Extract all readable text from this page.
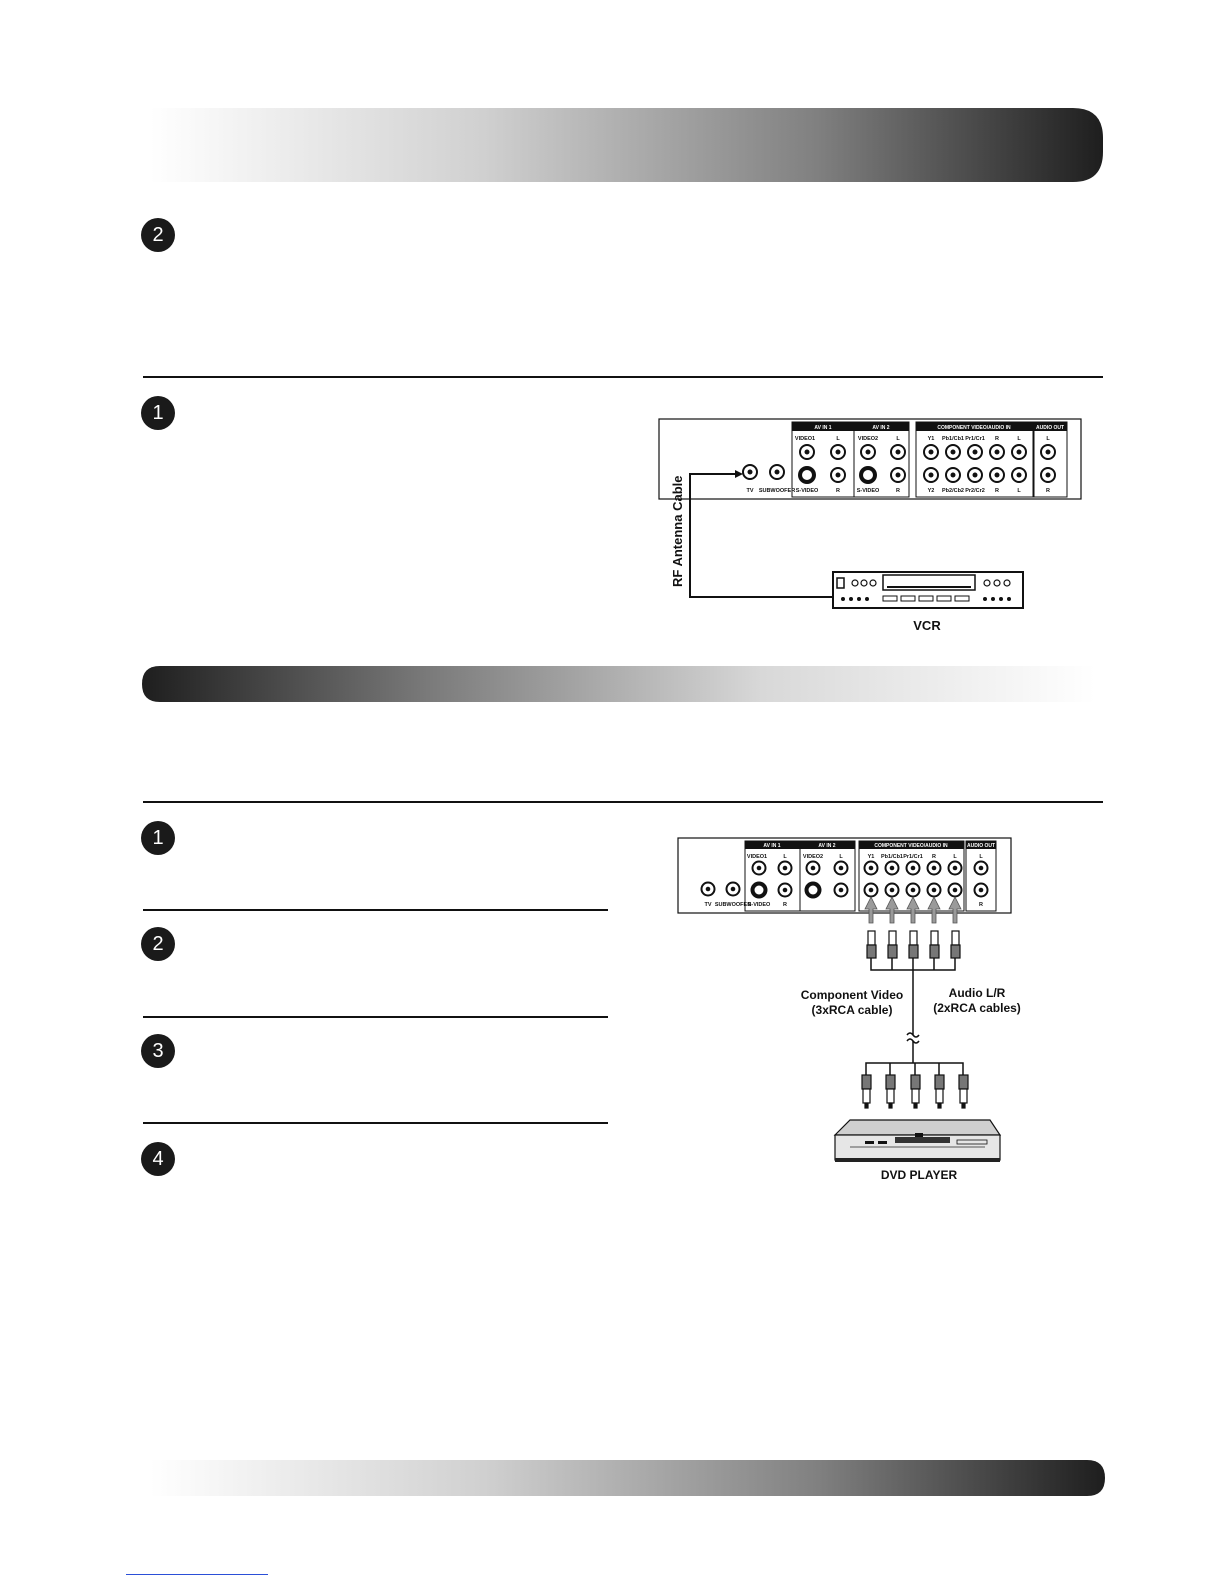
2
1
AV IN 1	AV IN 2	COMPONENT VIDEO/AUDIO IN	AUDIO OUT
VIDEO1	L	VIDEO2	L	Y1 Pb1/Cb1 Pr1/Cr1 R	L	L
S-VIDEO	R	S-VIDEO	R	Y2 Pb2/Cb2 Pr2/Cr2 R	L	R
TV SUBWOOFER
RF Antenna Cable
VCR
1
2
3
4
AV IN 1	AV IN 2	COMPONENT VIDEO/AUDIO IN	AUDIO OUT
VIDEO1	L	VIDEO2	L	Y1 Pb1/Cb1 Pr1/Cr1 R	L	L
S-VIDEO R	R
TV SUBWOOFER
Component Video
(3xRCA cable)
Audio L/R
(2xRCA cables)
DVD PLAYER
